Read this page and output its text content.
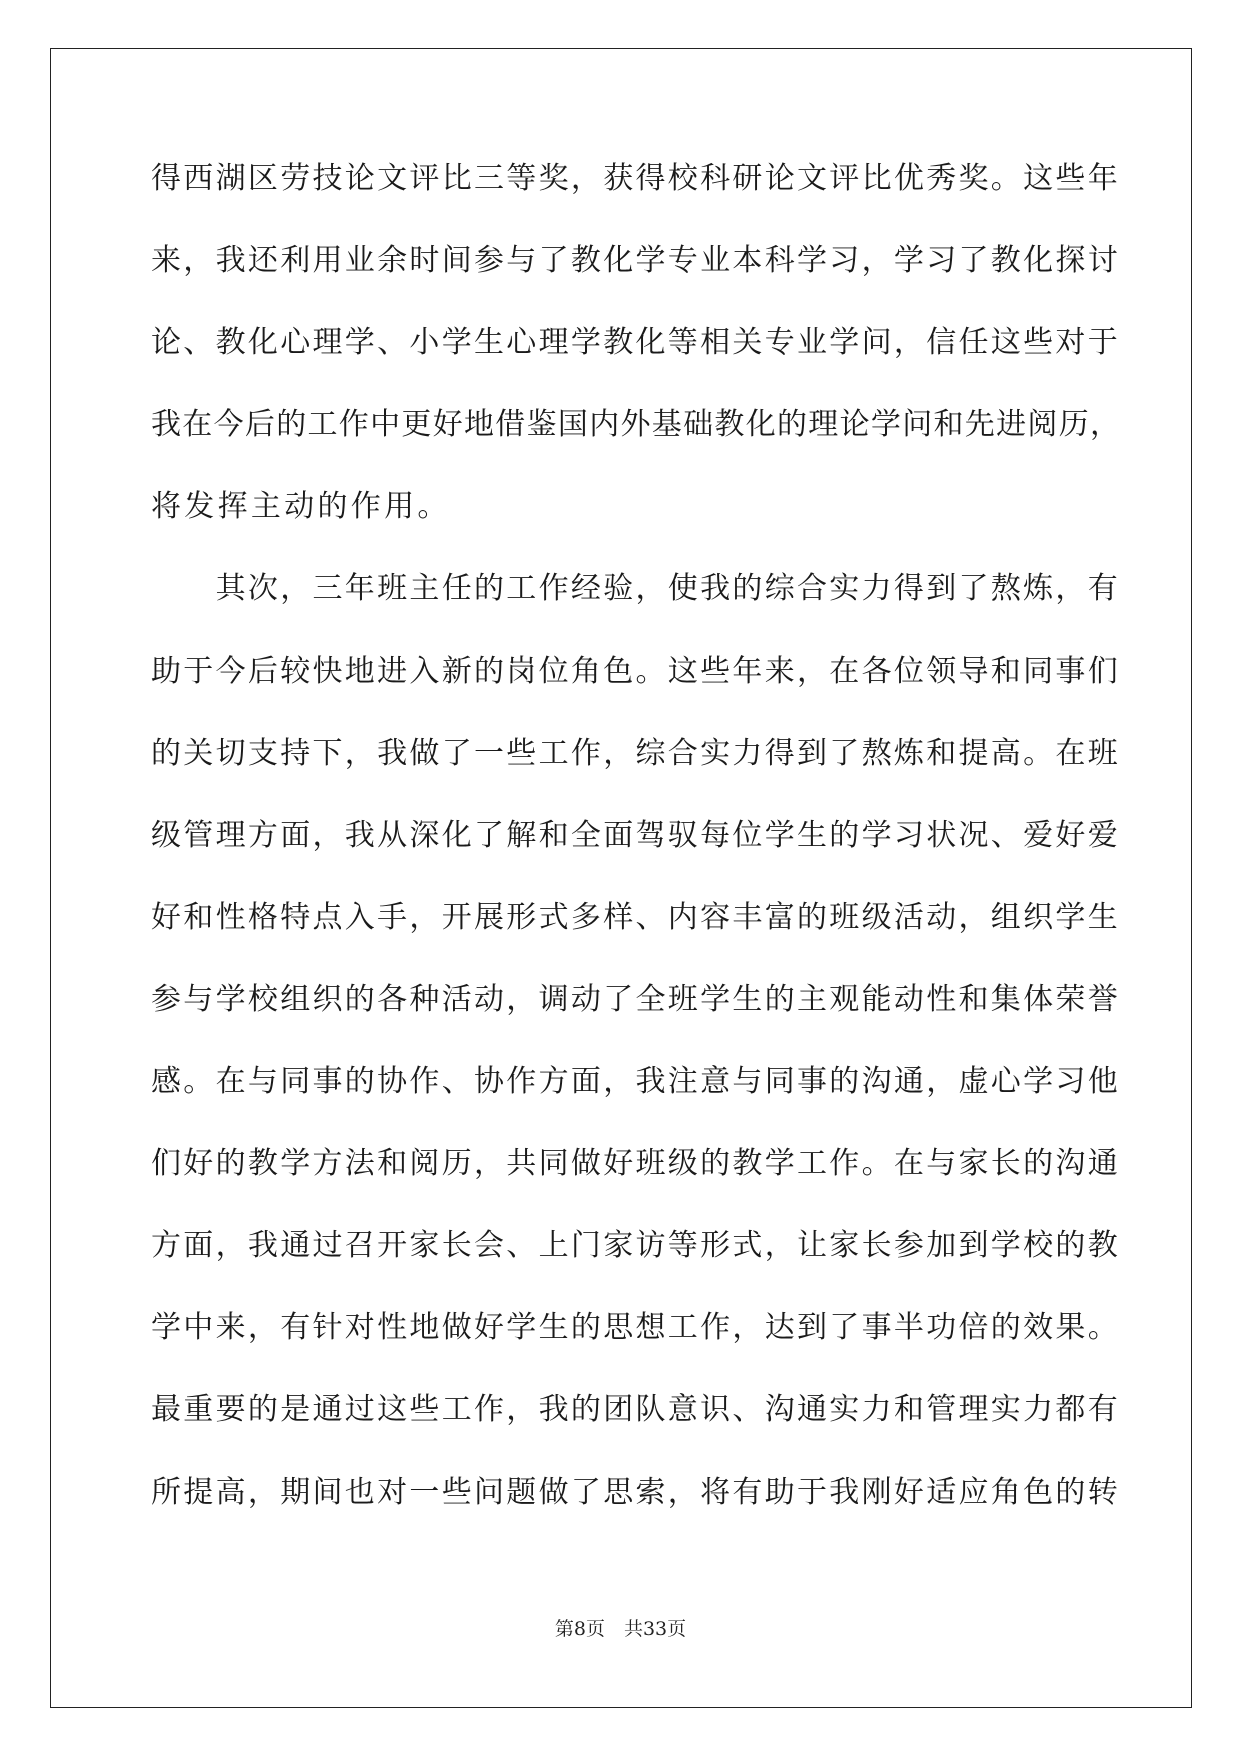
得西湖区劳技论文评比三等奖，获得校科研论文评比优秀奖。这些年
来，我还利用业余时间参与了教化学专业本科学习，学习了教化探讨
论、教化心理学、小学生心理学教化等相关专业学问，信任这些对于
我在今后的工作中更好地借鉴国内外基础教化的理论学问和先进阅历，
将发挥主动的作用。
　　其次，三年班主任的工作经验，使我的综合实力得到了熬炼，有
助于今后较快地进入新的岗位角色。这些年来，在各位领导和同事们
的关切支持下，我做了一些工作，综合实力得到了熬炼和提高。在班
级管理方面，我从深化了解和全面驾驭每位学生的学习状况、爱好爱
好和性格特点入手，开展形式多样、内容丰富的班级活动，组织学生
参与学校组织的各种活动，调动了全班学生的主观能动性和集体荣誉
感。在与同事的协作、协作方面，我注意与同事的沟通，虚心学习他
们好的教学方法和阅历，共同做好班级的教学工作。在与家长的沟通
方面，我通过召开家长会、上门家访等形式，让家长参加到学校的教
学中来，有针对性地做好学生的思想工作，达到了事半功倍的效果。
最重要的是通过这些工作，我的团队意识、沟通实力和管理实力都有
所提高，期间也对一些问题做了思索，将有助于我刚好适应角色的转
第8页　共33页
